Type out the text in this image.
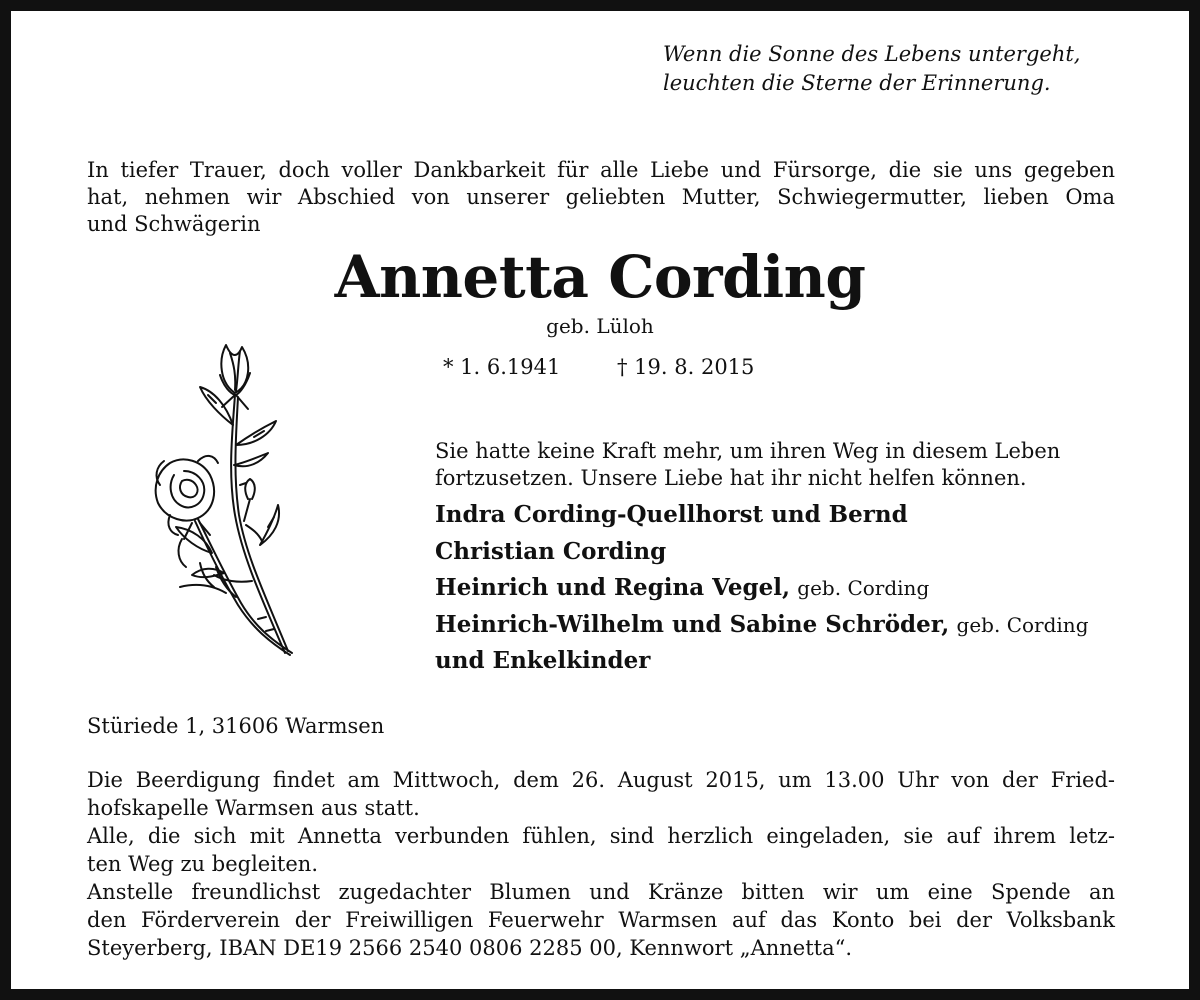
Wenn die Sonne des Lebens untergeht,
leuchten die Sterne der Erinnerung.
In tiefer Trauer, doch voller Dankbarkeit für alle Liebe und Fürsorge, die sie uns gegeben
hat, nehmen wir Abschied von unserer geliebten Mutter, Schwiegermutter, lieben Oma
und Schwägerin
Annetta Cording
geb. Lüloh
* 1. 6.1941	† 19. 8. 2015
Sie hatte keine Kraft mehr, um ihren Weg in diesem Leben
fortzusetzen. Unsere Liebe hat ihr nicht helfen können.
Indra Cording-Quellhorst und Bernd
Christian Cording
Heinrich und Regina Vegel, geb. Cording
Heinrich-Wilhelm und Sabine Schröder, geb. Cording
und Enkelkinder
Stüriede 1, 31606 Warmsen
Die Beerdigung findet am Mittwoch, dem 26. August 2015, um 13.00 Uhr von der Fried-
hofskapelle Warmsen aus statt.
Alle, die sich mit Annetta verbunden fühlen, sind herzlich eingeladen, sie auf ihrem letz-
ten Weg zu begleiten.
Anstelle freundlichst zugedachter Blumen und Kränze bitten wir um eine Spende an
den Förderverein der Freiwilligen Feuerwehr Warmsen auf das Konto bei der Volksbank
Steyerberg, IBAN DE19 2566 2540 0806 2285 00, Kennwort „Annetta“.
